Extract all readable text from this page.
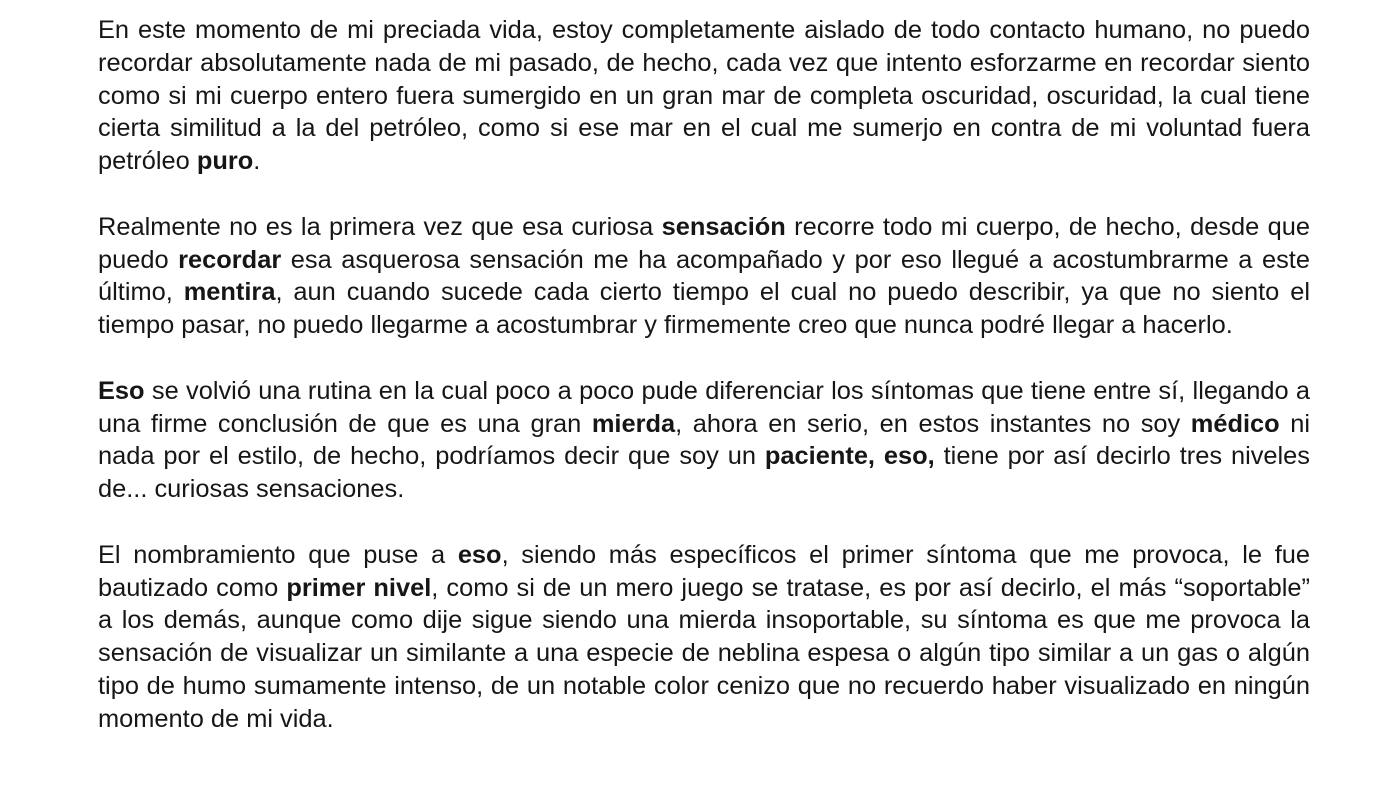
En este momento de mi preciada vida, estoy completamente aislado de todo contacto humano, no puedo recordar absolutamente nada de mi pasado, de hecho, cada vez que intento esforzarme en recordar siento como si mi cuerpo entero fuera sumergido en un gran mar de completa oscuridad, oscuridad, la cual tiene cierta similitud a la del petróleo, como si ese mar en el cual me sumerjo en contra de mi voluntad fuera petróleo puro.

Realmente no es la primera vez que esa curiosa sensación recorre todo mi cuerpo, de hecho, desde que puedo recordar esa asquerosa sensación me ha acompañado y por eso llegué a acostumbrarme a este último, mentira, aun cuando sucede cada cierto tiempo el cual no puedo describir, ya que no siento el tiempo pasar, no puedo llegarme a acostumbrar y firmemente creo que nunca podré llegar a hacerlo.

Eso se volvió una rutina en la cual poco a poco pude diferenciar los síntomas que tiene entre sí, llegando a una firme conclusión de que es una gran mierda, ahora en serio, en estos instantes no soy médico ni nada por el estilo, de hecho, podríamos decir que soy un paciente, eso, tiene por así decirlo tres niveles de... curiosas sensaciones.

El nombramiento que puse a eso, siendo más específicos el primer síntoma que me provoca, le fue bautizado como primer nivel, como si de un mero juego se tratase, es por así decirlo, el más “soportable” a los demás, aunque como dije sigue siendo una mierda insoportable, su síntoma es que me provoca la sensación de visualizar un similante a una especie de neblina espesa o algún tipo similar a un gas o algún tipo de humo sumamente intenso, de un notable color cenizo que no recuerdo haber visualizado en ningún momento de mi vida.
